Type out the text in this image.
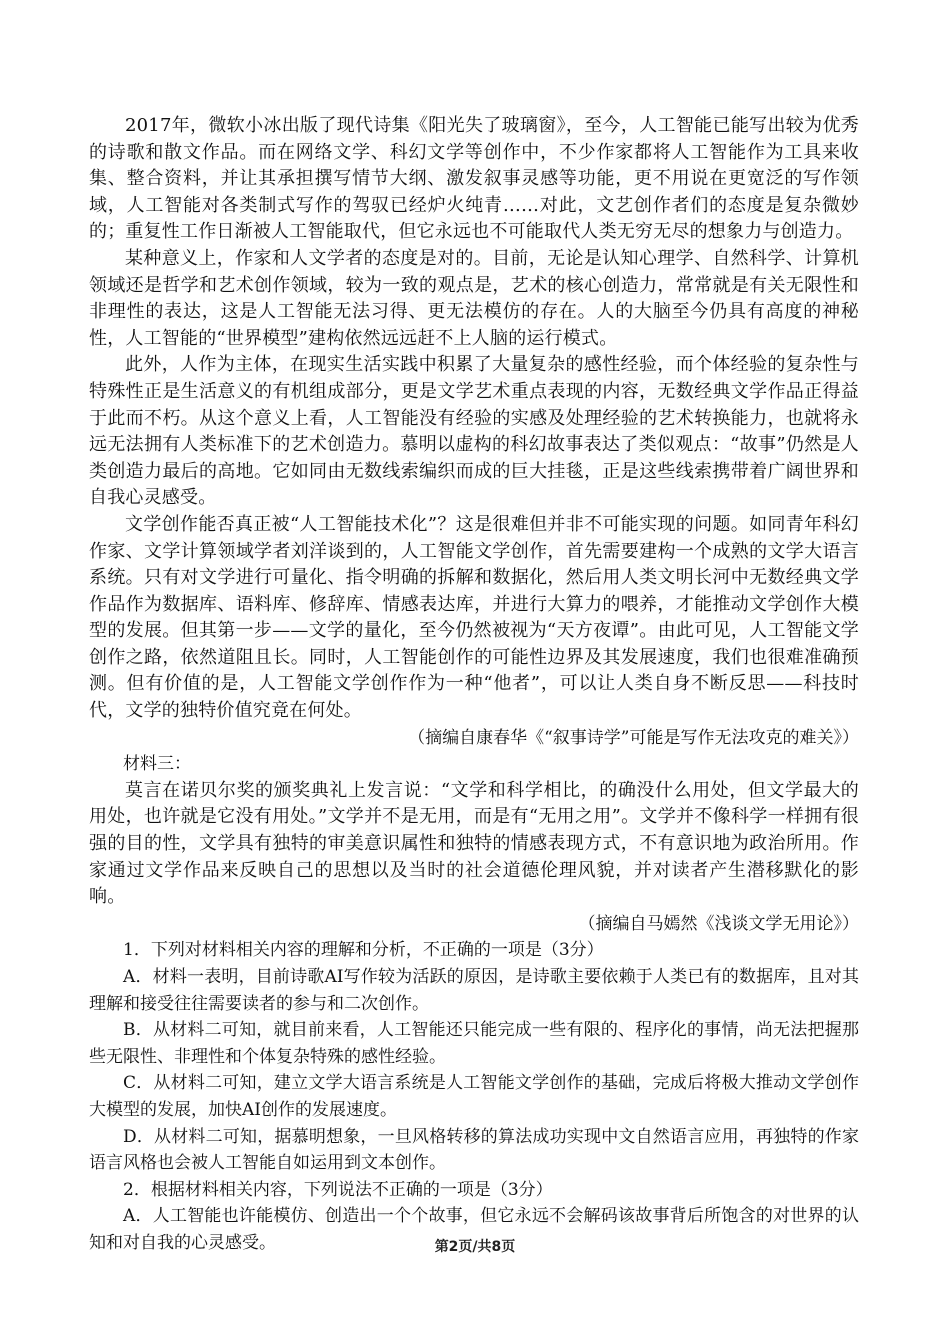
2017年，微软小冰出版了现代诗集《阳光失了玻璃窗》，至今，人工智能已能写出较为优秀的诗歌和散文作品。而在网络文学、科幻文学等创作中，不少作家都将人工智能作为工具来收集、整合资料，并让其承担撰写情节大纲、激发叙事灵感等功能，更不用说在更宽泛的写作领域，人工智能对各类制式写作的驾驭已经炉火纯青……对此，文艺创作者们的态度是复杂微妙的；重复性工作日渐被人工智能取代，但它永远也不可能取代人类无穷无尽的想象力与创造力。

某种意义上，作家和人文学者的态度是对的。目前，无论是认知心理学、自然科学、计算机领域还是哲学和艺术创作领域，较为一致的观点是，艺术的核心创造力，常常就是有关无限性和非理性的表达，这是人工智能无法习得、更无法模仿的存在。人的大脑至今仍具有高度的神秘性，人工智能的“世界模型”建构依然远远赶不上人脑的运行模式。

此外，人作为主体，在现实生活实践中积累了大量复杂的感性经验，而个体经验的复杂性与特殊性正是生活意义的有机组成部分，更是文学艺术重点表现的内容，无数经典文学作品正得益于此而不朽。从这个意义上看，人工智能没有经验的实感及处理经验的艺术转换能力，也就将永远无法拥有人类标准下的艺术创造力。慕明以虚构的科幻故事表达了类似观点：“故事”仍然是人类创造力最后的高地。它如同由无数线索编织而成的巨大挂毯，正是这些线索携带着广阔世界和自我心灵感受。

文学创作能否真正被“人工智能技术化”？这是很难但并非不可能实现的问题。如同青年科幻作家、文学计算领域学者刘洋谈到的，人工智能文学创作，首先需要建构一个成熟的文学大语言系统。只有对文学进行可量化、指令明确的拆解和数据化，然后用人类文明长河中无数经典文学作品作为数据库、语料库、修辞库、情感表达库，并进行大算力的喂养，才能推动文学创作大模型的发展。但其第一步——文学的量化，至今仍然被视为“天方夜谭”。由此可见，人工智能文学创作之路，依然道阻且长。同时，人工智能创作的可能性边界及其发展速度，我们也很难准确预测。但有价值的是，人工智能文学创作作为一种“他者”，可以让人类自身不断反思——科技时代，文学的独特价值究竟在何处。

（摘编自康春华《“叙事诗学”可能是写作无法攻克的难关》）

材料三：

莫言在诺贝尔奖的颁奖典礼上发言说：“文学和科学相比，的确没什么用处，但文学最大的用处，也许就是它没有用处。”文学并不是无用，而是有“无用之用”。文学并不像科学一样拥有很强的目的性，文学具有独特的审美意识属性和独特的情感表现方式，不有意识地为政治所用。作家通过文学作品来反映自己的思想以及当时的社会道德伦理风貌，并对读者产生潜移默化的影响。

（摘编自马嫣然《浅谈文学无用论》）

1．下列对材料相关内容的理解和分析，不正确的一项是（3分）

A．材料一表明，目前诗歌AI写作较为活跃的原因，是诗歌主要依赖于人类已有的数据库，且对其理解和接受往往需要读者的参与和二次创作。

B．从材料二可知，就目前来看，人工智能还只能完成一些有限的、程序化的事情，尚无法把握那些无限性、非理性和个体复杂特殊的感性经验。

C．从材料二可知，建立文学大语言系统是人工智能文学创作的基础，完成后将极大推动文学创作大模型的发展，加快AI创作的发展速度。

D．从材料二可知，据慕明想象，一旦风格转移的算法成功实现中文自然语言应用，再独特的作家语言风格也会被人工智能自如运用到文本创作。

2．根据材料相关内容，下列说法不正确的一项是（3分）

A．人工智能也许能模仿、创造出一个个故事，但它永远不会解码该故事背后所饱含的对世界的认知和对自我的心灵感受。	第2页/共8页
